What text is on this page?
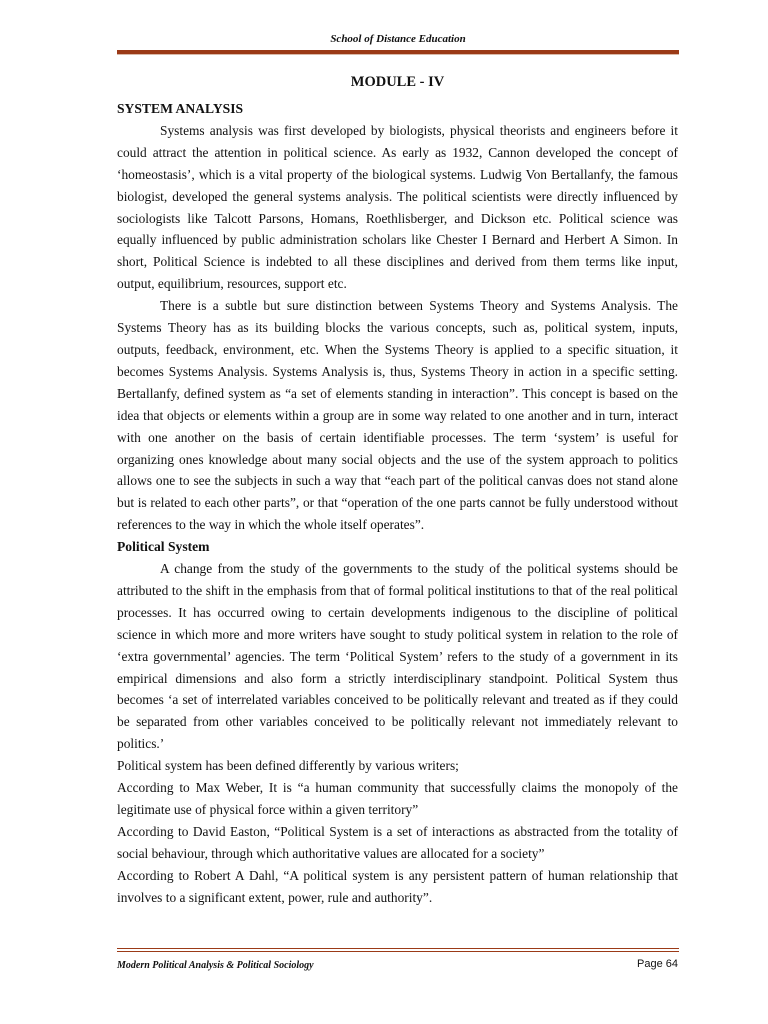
School of Distance Education
MODULE - IV
SYSTEM ANALYSIS

Systems analysis was first developed by biologists, physical theorists and engineers before it could attract the attention in political science. As early as 1932, Cannon developed the concept of ‘homeostasis’, which is a vital property of the biological systems. Ludwig Von Bertallanfy, the famous biologist, developed the general systems analysis. The political scientists were directly influenced by sociologists like Talcott Parsons, Homans, Roethlisberger, and Dickson etc. Political science was equally influenced by public administration scholars like Chester I Bernard and Herbert A Simon. In short, Political Science is indebted to all these disciplines and derived from them terms like input, output, equilibrium, resources, support etc.

There is a subtle but sure distinction between Systems Theory and Systems Analysis. The Systems Theory has as its building blocks the various concepts, such as, political system, inputs, outputs, feedback, environment, etc. When the Systems Theory is applied to a specific situation, it becomes Systems Analysis. Systems Analysis is, thus, Systems Theory in action in a specific setting. Bertallanfy, defined system as “a set of elements standing in interaction”. This concept is based on the idea that objects or elements within a group are in some way related to one another and in turn, interact with one another on the basis of certain identifiable processes. The term ‘system’ is useful for organizing ones knowledge about many social objects and the use of the system approach to politics allows one to see the subjects in such a way that “each part of the political canvas does not stand alone but is related to each other parts”, or that “operation of the one parts cannot be fully understood without references to the way in which the whole itself operates”.

Political System

A change from the study of the governments to the study of the political systems should be attributed to the shift in the emphasis from that of formal political institutions to that of the real political processes. It has occurred owing to certain developments indigenous to the discipline of political science in which more and more writers have sought to study political system in relation to the role of ‘extra governmental’ agencies. The term ‘Political System’ refers to the study of a government in its empirical dimensions and also form a strictly interdisciplinary standpoint. Political System thus becomes ‘a set of interrelated variables conceived to be politically relevant and treated as if they could be separated from other variables conceived to be politically relevant not immediately relevant to politics.’

Political system has been defined differently by various writers;

According to Max Weber, It is “a human community that successfully claims the monopoly of the legitimate use of physical force within a given territory”

According to David Easton, “Political System is a set of interactions as abstracted from the totality of social behaviour, through which authoritative values are allocated for a society”

According to Robert A Dahl, “A political system is any persistent pattern of human relationship that involves to a significant extent, power, rule and authority”.

Modern Political Analysis & Political Sociology	Page 64
